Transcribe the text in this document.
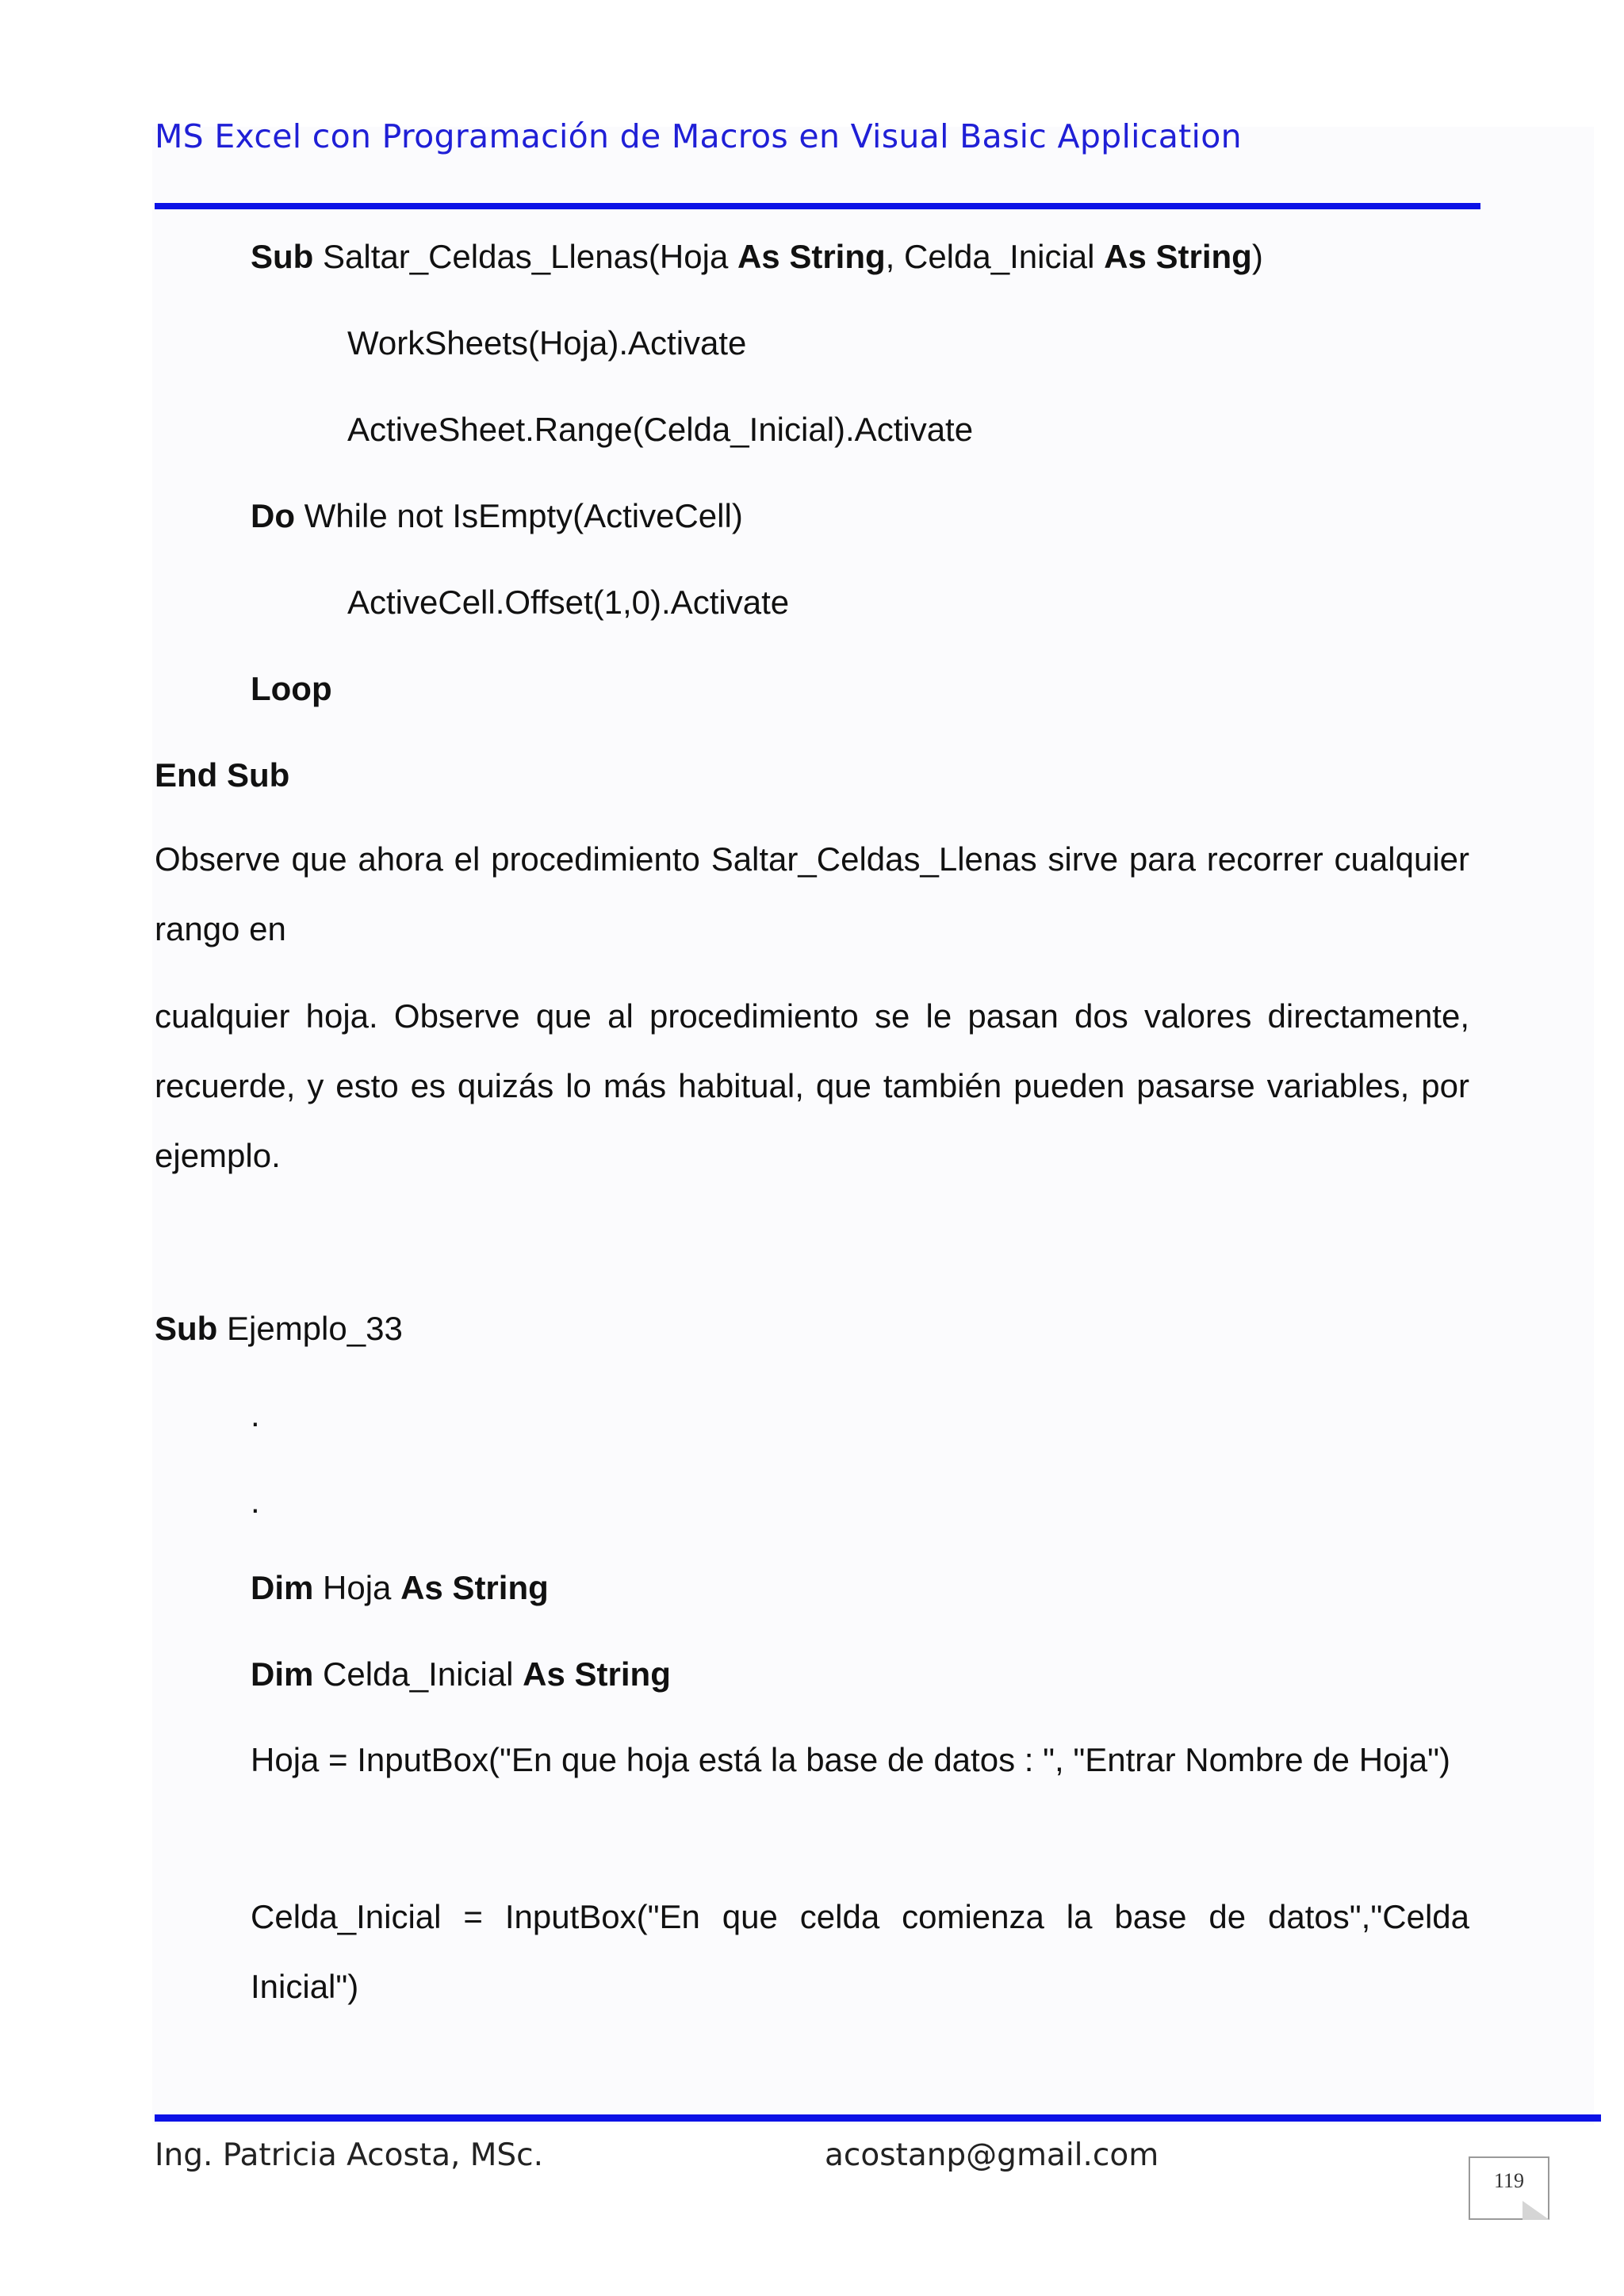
MS Excel con Programación de Macros en Visual Basic Application
Sub Saltar_Celdas_Llenas(Hoja As String, Celda_Inicial As String)
WorkSheets(Hoja).Activate
ActiveSheet.Range(Celda_Inicial).Activate
Do While not IsEmpty(ActiveCell)
ActiveCell.Offset(1,0).Activate
Loop
End Sub
Observe que ahora el procedimiento Saltar_Celdas_Llenas sirve para recorrer cualquier rango en
cualquier hoja. Observe que al procedimiento se le pasan dos valores directamente, recuerde, y esto es quizás lo más habitual, que también pueden pasarse variables, por ejemplo.
Sub Ejemplo_33
.
.
Dim Hoja As String
Dim Celda_Inicial As String
Hoja = InputBox("En que hoja está la base de datos : ", "Entrar Nombre de Hoja")
Celda_Inicial = InputBox("En que celda comienza la base de datos","Celda Inicial")
Ing. Patricia Acosta, MSc.	acostanp@gmail.com
119
